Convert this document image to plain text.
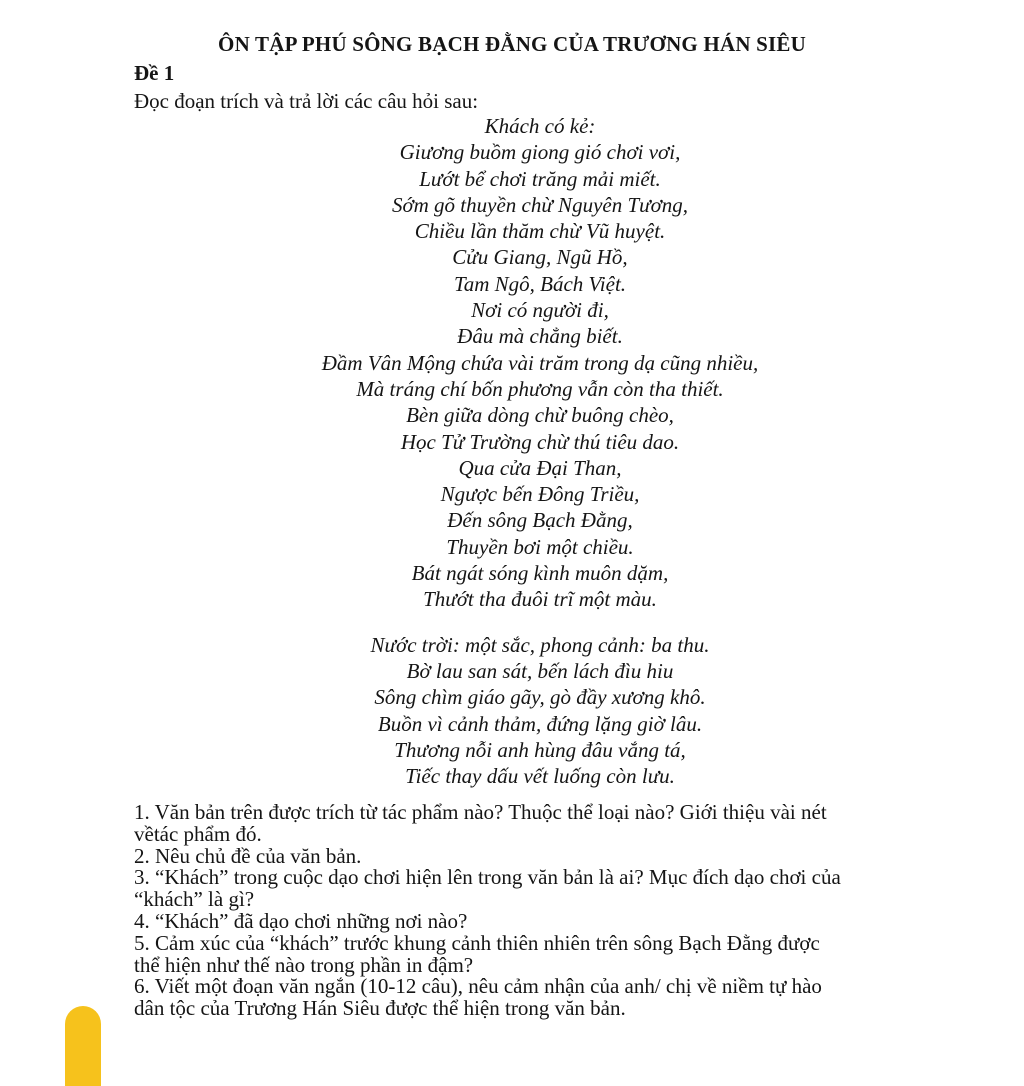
ÔN TẬP PHÚ SÔNG BẠCH ĐẰNG CỦA TRƯƠNG HÁN SIÊU
Đề 1
Đọc đoạn trích và trả lời các câu hỏi sau:
Khách có kẻ:
Giương buồm giong gió chơi vơi,
Lướt bể chơi trăng mải miết.
Sớm gõ thuyền chừ Nguyên Tương,
Chiều lần thăm chừ Vũ huyệt.
Cửu Giang, Ngũ Hồ,
Tam Ngô, Bách Việt.
Nơi có người đi,
Đâu mà chẳng biết.
Đầm Vân Mộng chứa vài trăm trong dạ cũng nhiều,
Mà tráng chí bốn phương vẫn còn tha thiết.
Bèn giữa dòng chừ buông chèo,
Học Tử Trường chừ thú tiêu dao.
Qua cửa Đại Than,
Ngược bến Đông Triều,
Đến sông Bạch Đằng,
Thuyền bơi một chiều.
Bát ngát sóng kình muôn dặm,
Thướt tha đuôi trĩ một màu.
Nước trời: một sắc, phong cảnh: ba thu.
Bờ lau san sát, bến lách đìu hiu
Sông chìm giáo gãy, gò đầy xương khô.
Buồn vì cảnh thảm, đứng lặng giờ lâu.
Thương nỗi anh hùng đâu vắng tá,
Tiếc thay dấu vết luống còn lưu.
1. Văn bản trên được trích từ tác phẩm nào? Thuộc thể loại nào? Giới thiệu vài nét
vềtác phẩm đó.
2. Nêu chủ đề của văn bản.
3. “Khách” trong cuộc dạo chơi hiện lên trong văn bản là ai? Mục đích dạo chơi của
“khách” là gì?
4. “Khách” đã dạo chơi những nơi nào?
5. Cảm xúc của “khách” trước khung cảnh thiên nhiên trên sông Bạch Đằng được
thể hiện như thế nào trong phần in đậm?
6. Viết một đoạn văn ngắn (10-12 câu), nêu cảm nhận của anh/ chị về niềm tự hào
dân tộc của Trương Hán Siêu được thể hiện trong văn bản.
